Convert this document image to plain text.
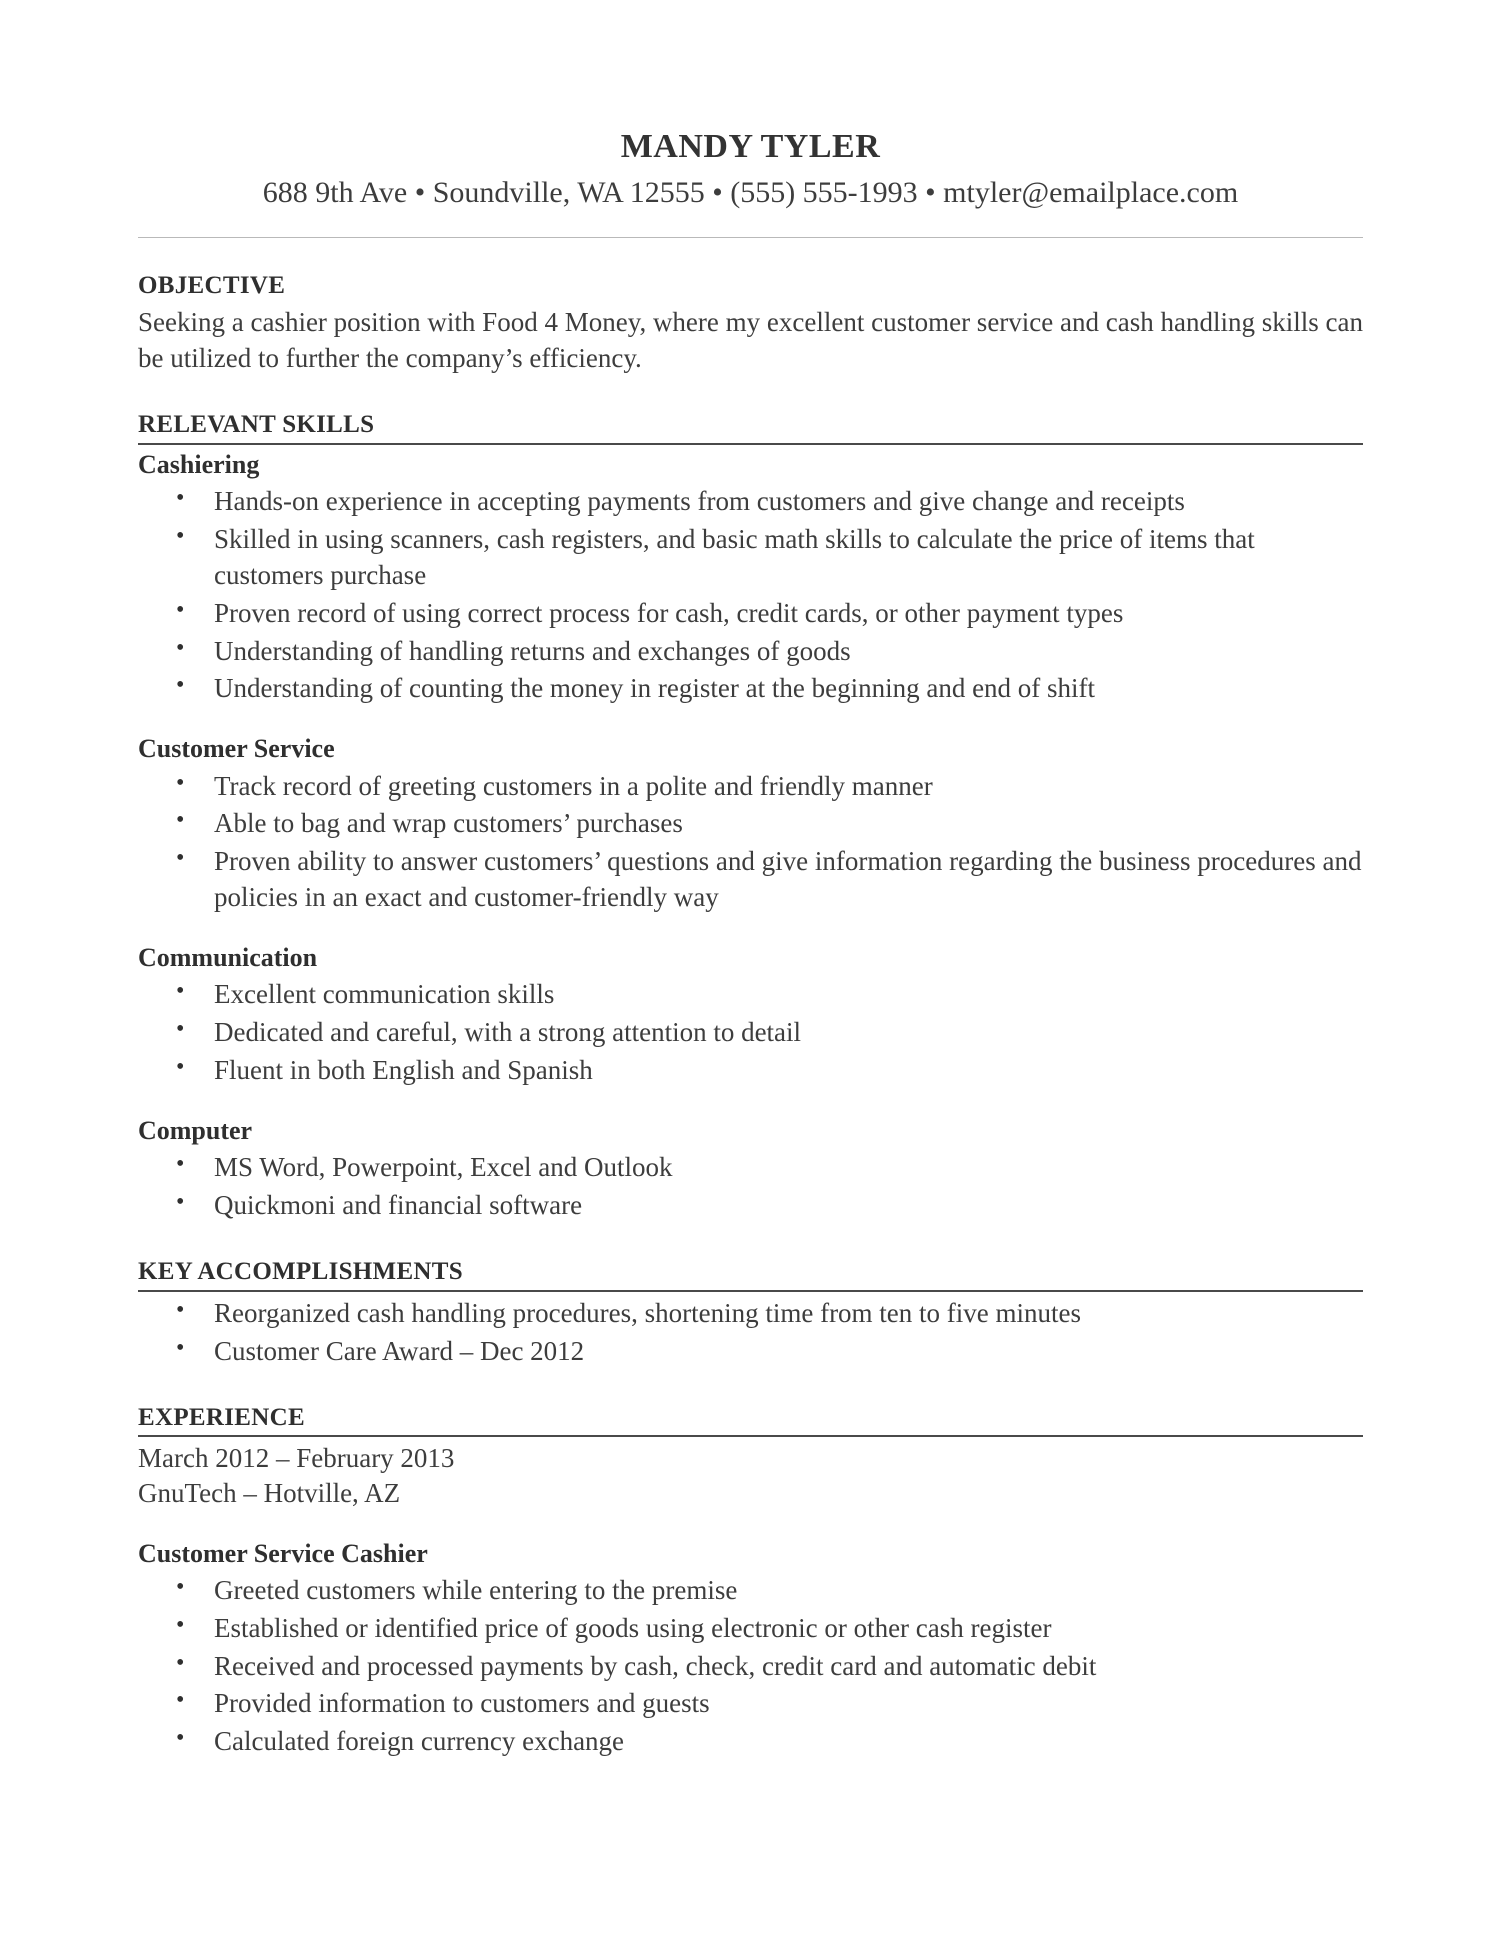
MANDY TYLER
688 9th Ave • Soundville, WA 12555 • (555) 555-1993 • mtyler@emailplace.com
OBJECTIVE
Seeking a cashier position with Food 4 Money, where my excellent customer service and cash handling skills can be utilized to further the company’s efficiency.
RELEVANT SKILLS
Cashiering
• Hands-on experience in accepting payments from customers and give change and receipts
• Skilled in using scanners, cash registers, and basic math skills to calculate the price of items that customers purchase
• Proven record of using correct process for cash, credit cards, or other payment types
• Understanding of handling returns and exchanges of goods
• Understanding of counting the money in register at the beginning and end of shift
Customer Service
• Track record of greeting customers in a polite and friendly manner
• Able to bag and wrap customers’ purchases
• Proven ability to answer customers’ questions and give information regarding the business procedures and policies in an exact and customer-friendly way
Communication
• Excellent communication skills
• Dedicated and careful, with a strong attention to detail
• Fluent in both English and Spanish
Computer
• MS Word, Powerpoint, Excel and Outlook
• Quickmoni and financial software
KEY ACCOMPLISHMENTS
• Reorganized cash handling procedures, shortening time from ten to five minutes
• Customer Care Award – Dec 2012
EXPERIENCE
March 2012 – February 2013
GnuTech – Hotville, AZ
Customer Service Cashier
• Greeted customers while entering to the premise
• Established or identified price of goods using electronic or other cash register
• Received and processed payments by cash, check, credit card and automatic debit
• Provided information to customers and guests
• Calculated foreign currency exchange
